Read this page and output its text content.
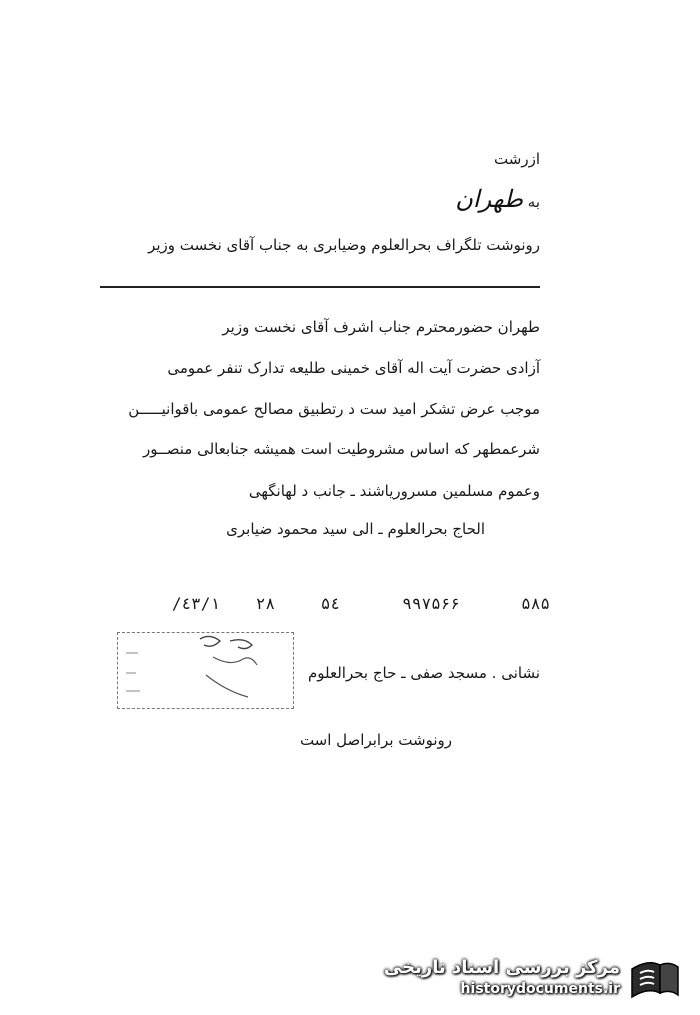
ازرشت
به طهران
رونوشت تلگراف بحرالعلوم وضیابری به جناب آقای نخست وزیر
طهران حضورمحترم جناب اشرف آقای نخست وزیر
آزادی حضرت آیت اله آقای خمینی طلیعه تدارک تنفر عمومی
موجب عرض تشکر امید ست د رتطبیق مصالح عمومی باقوانیـــــن
شرعمطهر که اساس مشروطیت است همیشه جنابعالی منصــور
وعموم مسلمین مسروریاشند ـ جانب د لهانگهی
الحاج بحرالعلوم ـ الی سید محمود ضیابری
۵۸۵
۹۹۷۵۶۶
۵٤
۲۸
٤۳/۱/
نشانی . مسجد صفی ـ حاج بحرالعلوم
رونوشت برابراصل است
مرکز بررسی اسناد تاریخی
historydocuments.ir
